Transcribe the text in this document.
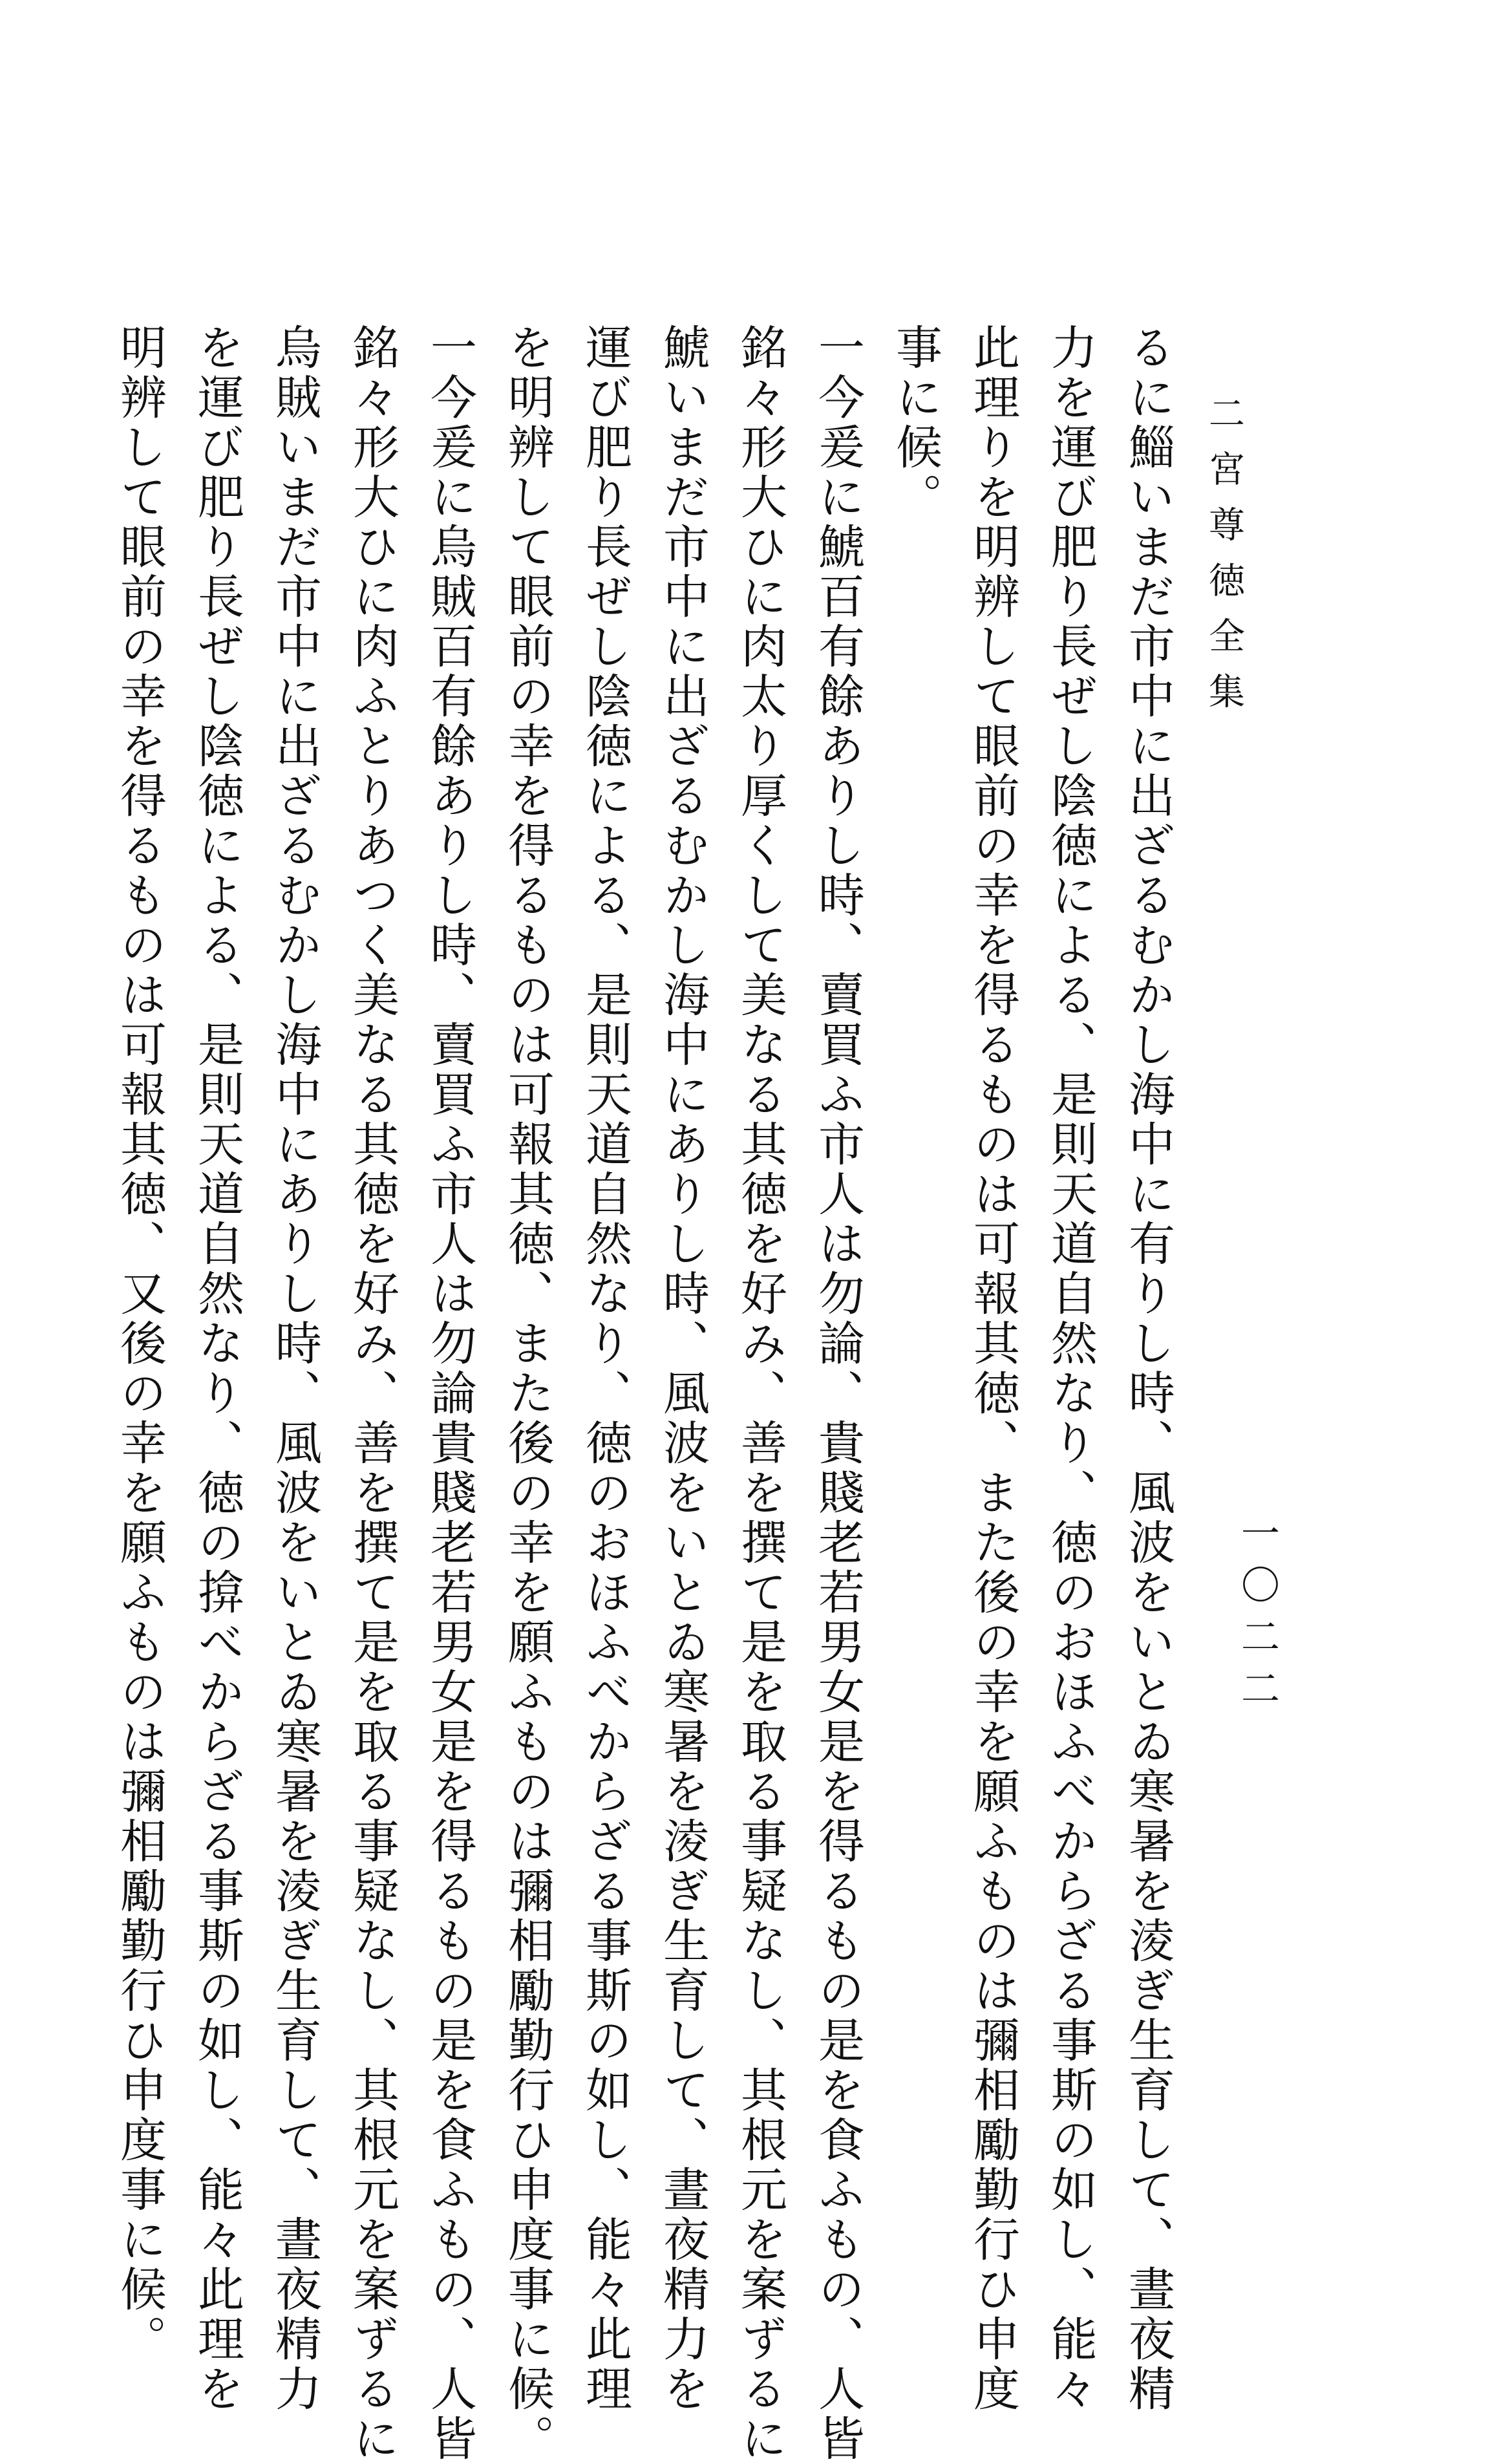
二宮尊徳全集
一〇二二
るに鯔いまだ市中に出ざるむかし海中に有りし時、風波をいとゐ寒暑を淩ぎ生育して、晝夜精
力を運び肥り長ぜし陰徳による、是則天道自然なり、徳のおほふべからざる事斯の如し、能々
此理りを明辨して眼前の幸を得るものは可報其徳、また後の幸を願ふものは彌相勵勤行ひ申度
事に候。
一今爰に鯱百有餘ありし時、賣買ふ市人は勿論、貴賤老若男女是を得るもの是を食ふもの、人皆
銘々形大ひに肉太り厚くして美なる其徳を好み、善を撰て是を取る事疑なし、其根元を案ずるに
鯱いまだ市中に出ざるむかし海中にありし時、風波をいとゐ寒暑を淩ぎ生育して、晝夜精力を
運び肥り長ぜし陰徳による、是則天道自然なり、徳のおほふべからざる事斯の如し、能々此理
を明辨して眼前の幸を得るものは可報其徳、また後の幸を願ふものは彌相勵勤行ひ申度事に候。
一今爰に烏賊百有餘ありし時、賣買ふ市人は勿論貴賤老若男女是を得るもの是を食ふもの、人皆
銘々形大ひに肉ふとりあつく美なる其徳を好み、善を撰て是を取る事疑なし、其根元を案ずるに
烏賊いまだ市中に出ざるむかし海中にありし時、風波をいとゐ寒暑を淩ぎ生育して、晝夜精力
を運び肥り長ぜし陰徳による、是則天道自然なり、徳の揜べからざる事斯の如し、能々此理を
明辨して眼前の幸を得るものは可報其徳、又後の幸を願ふものは彌相勵勤行ひ申度事に候。
